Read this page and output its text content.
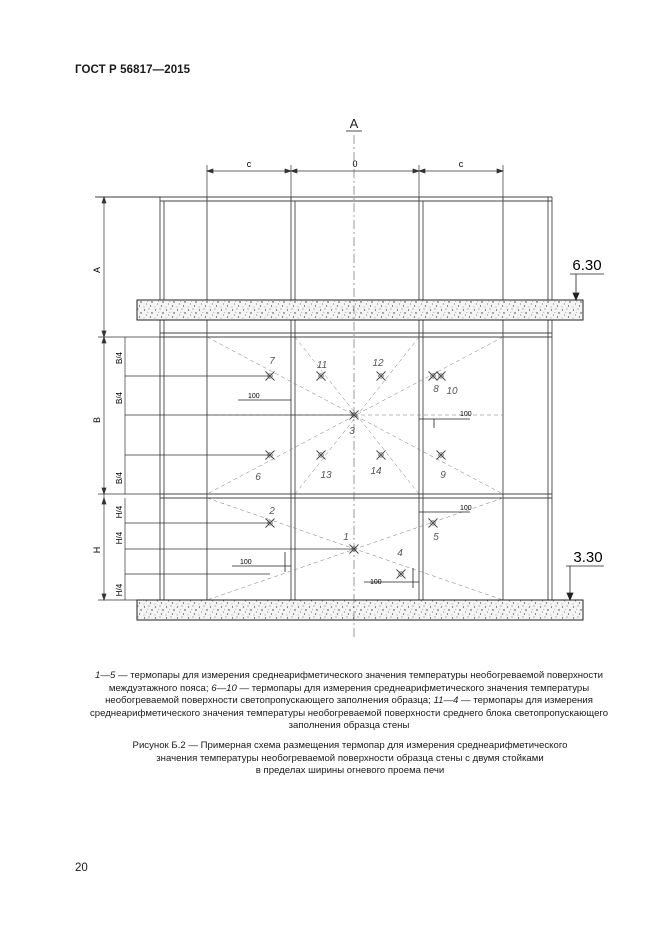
ГОСТ Р 56817—2015
A
с	0	с
А
В
Н
В/4
В/4
В/4
Н/4
Н/4
Н/4
6.30
3.30
100
100
100
100
100
1
2
3
4
5
6
7
8
9
10
11	12
13	14
1—5 — термопары для измерения среднеарифметического значения температуры необогреваемой поверхности междуэтажного пояса; 6—10 — термопары для измерения среднеарифметического значения температуры необогреваемой поверхности светопропускающего заполнения образца; 11—4 — термопары для измерения среднеарифметического значения температуры необогреваемой поверхности среднего блока светопропускающего заполнения образца стены
Рисунок Б.2 — Примерная схема размещения термопар для измерения среднеарифметического
значения температуры необогреваемой поверхности образца стены с двумя стойками
в пределах ширины огневого проема печи
20
